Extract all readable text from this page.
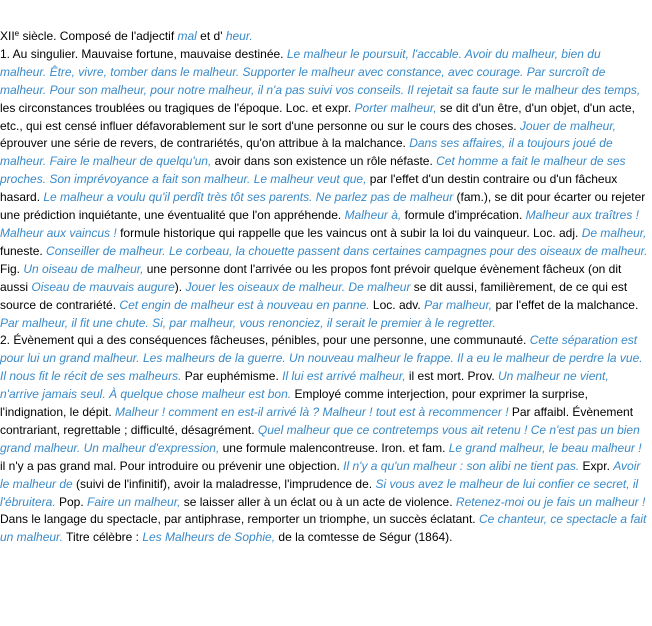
XIIe siècle. Composé de l'adjectif mal et d' heur.

1. Au singulier. Mauvaise fortune, mauvaise destinée. Le malheur le poursuit, l'accable. Avoir du malheur, bien du malheur. Être, vivre, tomber dans le malheur. Supporter le malheur avec constance, avec courage. Par surcroît de malheur. Pour son malheur, pour notre malheur, il n'a pas suivi vos conseils. Il rejetait sa faute sur le malheur des temps, les circonstances troublées ou tragiques de l'époque. Loc. et expr. Porter malheur, se dit d'un être, d'un objet, d'un acte, etc., qui est censé influer défavorablement sur le sort d'une personne ou sur le cours des choses. Jouer de malheur, éprouver une série de revers, de contrariétés, qu'on attribue à la malchance. Dans ses affaires, il a toujours joué de malheur. Faire le malheur de quelqu'un, avoir dans son existence un rôle néfaste. Cet homme a fait le malheur de ses proches. Son imprévoyance a fait son malheur. Le malheur veut que, par l'effet d'un destin contraire ou d'un fâcheux hasard. Le malheur a voulu qu'il perdît très tôt ses parents. Ne parlez pas de malheur (fam.), se dit pour écarter ou rejeter une prédiction inquiétante, une éventualité que l'on appréhende. Malheur à, formule d'imprécation. Malheur aux traîtres ! Malheur aux vaincus ! formule historique qui rappelle que les vaincus ont à subir la loi du vainqueur. Loc. adj. De malheur, funeste. Conseiller de malheur. Le corbeau, la chouette passent dans certaines campagnes pour des oiseaux de malheur. Fig. Un oiseau de malheur, une personne dont l'arrivée ou les propos font prévoir quelque évènement fâcheux (on dit aussi Oiseau de mauvais augure). Jouer les oiseaux de malheur. De malheur se dit aussi, familièrement, de ce qui est source de contrariété. Cet engin de malheur est à nouveau en panne. Loc. adv. Par malheur, par l'effet de la malchance. Par malheur, il fit une chute. Si, par malheur, vous renonciez, il serait le premier à le regretter.

2. Évènement qui a des conséquences fâcheuses, pénibles, pour une personne, une communauté. Cette séparation est pour lui un grand malheur. Les malheurs de la guerre. Un nouveau malheur le frappe. Il a eu le malheur de perdre la vue. Il nous fit le récit de ses malheurs. Par euphémisme. Il lui est arrivé malheur, il est mort. Prov. Un malheur ne vient, n'arrive jamais seul. À quelque chose malheur est bon. Employé comme interjection, pour exprimer la surprise, l'indignation, le dépit. Malheur ! comment en est-il arrivé là ? Malheur ! tout est à recommencer ! Par affaibl. Évènement contrariant, regrettable ; difficulté, désagrément. Quel malheur que ce contretemps vous ait retenu ! Ce n'est pas un bien grand malheur. Un malheur d'expression, une formule malencontreuse. Iron. et fam. Le grand malheur, le beau malheur ! il n'y a pas grand mal. Pour introduire ou prévenir une objection. Il n'y a qu'un malheur : son alibi ne tient pas. Expr. Avoir le malheur de (suivi de l'infinitif), avoir la maladresse, l'imprudence de. Si vous avez le malheur de lui confier ce secret, il l'ébruitera. Pop. Faire un malheur, se laisser aller à un éclat ou à un acte de violence. Retenez-moi ou je fais un malheur ! Dans le langage du spectacle, par antiphrase, remporter un triomphe, un succès éclatant. Ce chanteur, ce spectacle a fait un malheur. Titre célèbre : Les Malheurs de Sophie, de la comtesse de Ségur (1864).
